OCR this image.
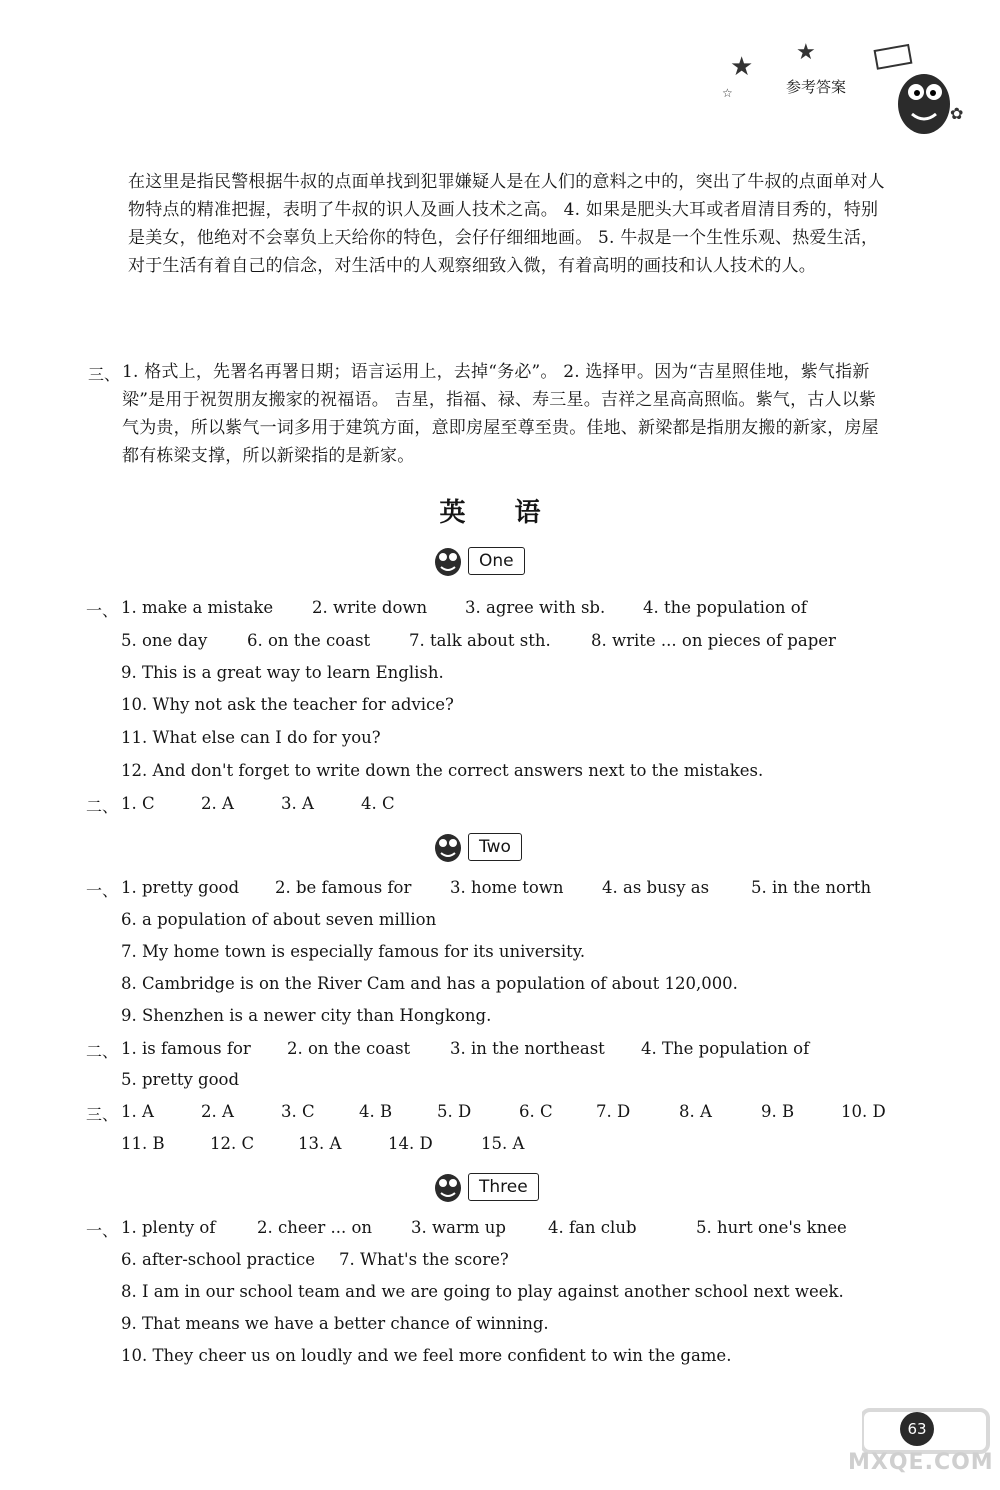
★ ★
☆
✿
参考答案
在这里是指民警根据牛叔的点面单找到犯罪嫌疑人是在人们的意料之中的，突出了牛叔的点面单对人物特点的精准把握，表明了牛叔的识人及画人技术之高。 4. 如果是肥头大耳或者眉清目秀的，特别是美女，他绝对不会辜负上天给你的特色，会仔仔细细地画。 5. 牛叔是一个生性乐观、热爱生活，对于生活有着自己的信念，对生活中的人观察细致入微，有着高明的画技和认人技术的人。
三、 1. 格式上，先署名再署日期；语言运用上，去掉“务必”。 2. 选择甲。因为“吉星照佳地，紫气指新梁”是用于祝贺朋友搬家的祝福语。 吉星，指福、禄、寿三星。吉祥之星高高照临。紫气，古人以紫气为贵，所以紫气一词多用于建筑方面，意即房屋至尊至贵。佳地、新梁都是指朋友搬的新家，房屋都有栋梁支撑，所以新梁指的是新家。
英 语
One
一、 1. make a mistake 2. write down 3. agree with sb. 4. the population of
5. one day 6. on the coast 7. talk about sth. 8. write ... on pieces of paper
9. This is a great way to learn English.
10. Why not ask the teacher for advice?
11. What else can I do for you?
12. And don't forget to write down the correct answers next to the mistakes.
二、 1. C	2. A	3. A	4. C
Two
一、 1. pretty good 2. be famous for 3. home town 4. as busy as	5. in the north
6. a population of about seven million
7. My home town is especially famous for its university.
8. Cambridge is on the River Cam and has a population of about 120,000.
9. Shenzhen is a newer city than Hongkong.
二、 1. is famous for 2. on the coast 3. in the northeast 4. The population of
5. pretty good
三、 1. A	2. A	3. C	4. B	5. D	6. C	7. D	8. A	9. B	10. D
11. B	12. C	13. A	14. D	15. A
Three
一、 1. plenty of	2. cheer ... on 3. warm up	4. fan club	5. hurt one's knee
6. after-school practice 7. What's the score?
8. I am in our school team and we are going to play against another school next week.
9. That means we have a better chance of winning.
10. They cheer us on loudly and we feel more confident to win the game.
63
MXQE.COM
